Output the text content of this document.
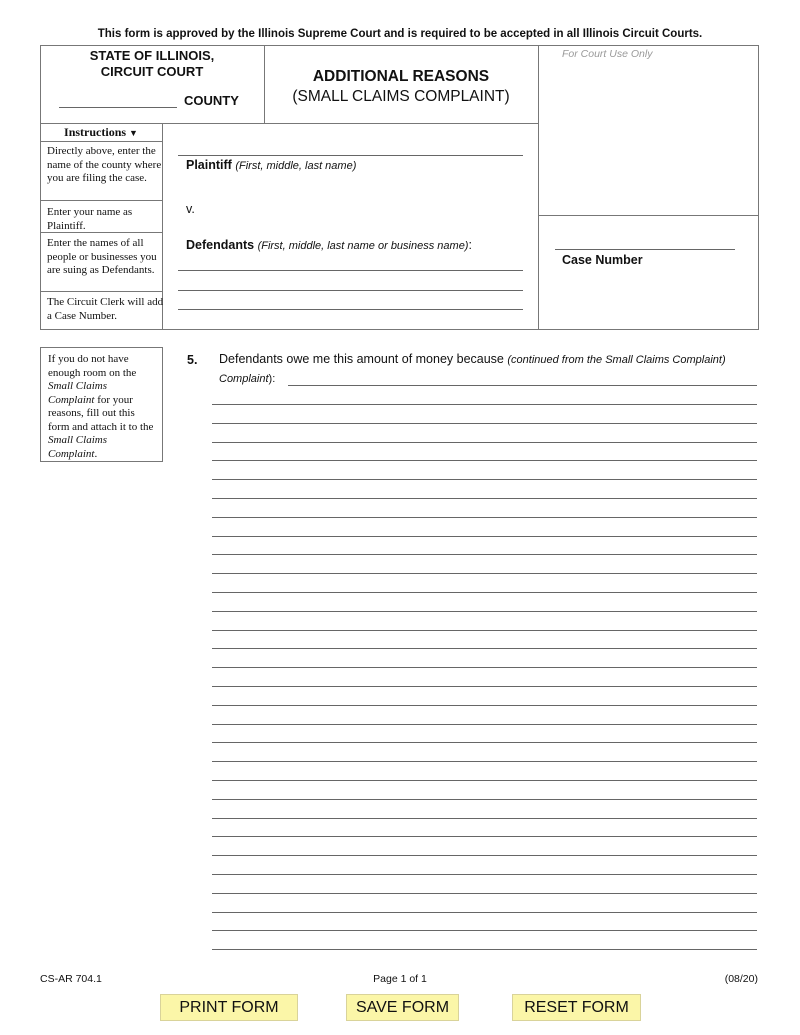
This form is approved by the Illinois Supreme Court and is required to be accepted in all Illinois Circuit Courts.
STATE OF ILLINOIS,
CIRCUIT COURT
COUNTY
ADDITIONAL REASONS
(SMALL CLAIMS COMPLAINT)
For Court Use Only
Case Number
Instructions ▼
Directly above, enter the name of the county where you are filing the case.
Enter your name as Plaintiff.
Enter the names of all people or businesses you are suing as Defendants.
The Circuit Clerk will add a Case Number.
Plaintiff (First, middle, last name)
v.
Defendants (First, middle, last name or business name):
If you do not have enough room on the Small Claims Complaint for your reasons, fill out this form and attach it to the Small Claims Complaint.
5. Defendants owe me this amount of money because (continued from the Small Claims Complaint)
Complaint):
CS-AR 704.1	Page 1 of 1	(08/20)
PRINT FORM	SAVE FORM	RESET FORM
